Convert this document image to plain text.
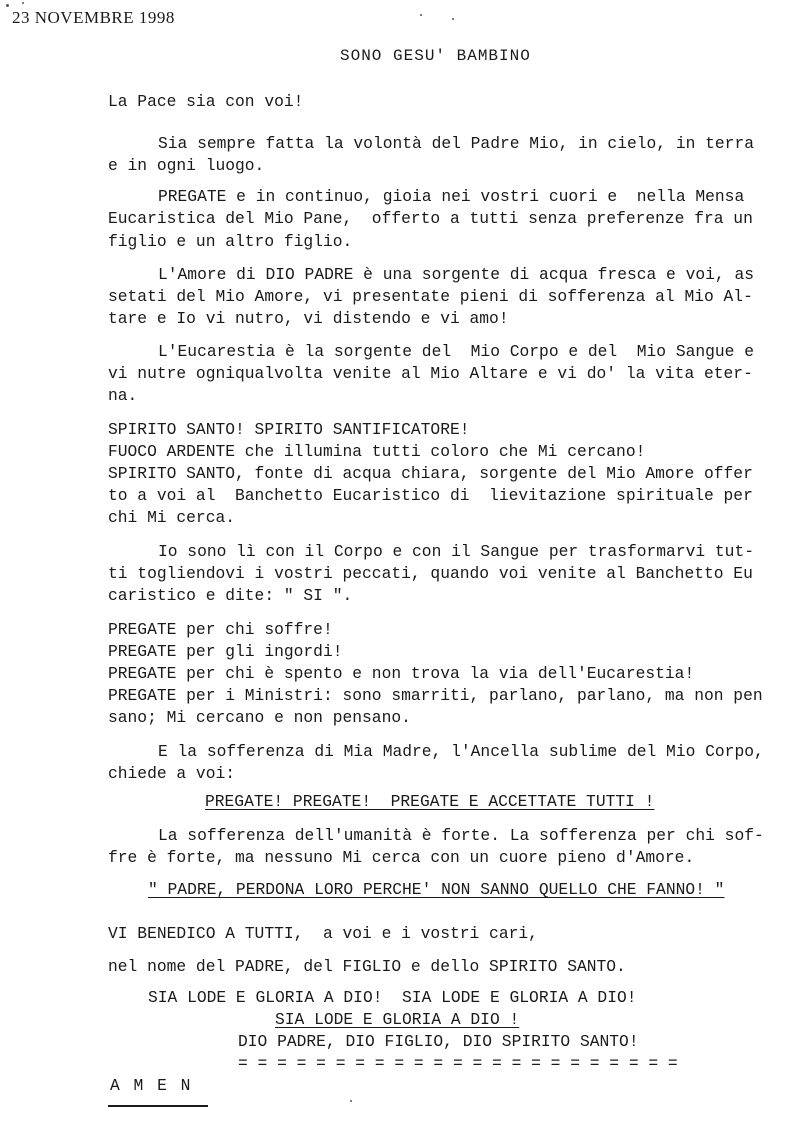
23 NOVEMBRE 1998
SONO GESU' BAMBINO
La Pace sia con voi!
Sia sempre fatta la volontà del Padre Mio, in cielo, in terra
e in ogni luogo.
PREGATE e in continuo, gioia nei vostri cuori e  nella Mensa
Eucaristica del Mio Pane,  offerto a tutti senza preferenze fra un
figlio e un altro figlio.
L'Amore di DIO PADRE è una sorgente di acqua fresca e voi, as
setati del Mio Amore, vi presentate pieni di sofferenza al Mio Al-
tare e Io vi nutro, vi distendo e vi amo!
L'Eucarestia è la sorgente del  Mio Corpo e del  Mio Sangue e
vi nutre ogniqualvolta venite al Mio Altare e vi do' la vita eter-
na.
SPIRITO SANTO! SPIRITO SANTIFICATORE!
FUOCO ARDENTE che illumina tutti coloro che Mi cercano!
SPIRITO SANTO, fonte di acqua chiara, sorgente del Mio Amore offer
to a voi al  Banchetto Eucaristico di  lievitazione spirituale per
chi Mi cerca.
Io sono lì con il Corpo e con il Sangue per trasformarvi tut-
ti togliendovi i vostri peccati, quando voi venite al Banchetto Eu
caristico e dite: " SI ".
PREGATE per chi soffre!
PREGATE per gli ingordi!
PREGATE per chi è spento e non trova la via dell'Eucarestia!
PREGATE per i Ministri: sono smarriti, parlano, parlano, ma non pen
sano; Mi cercano e non pensano.
E la sofferenza di Mia Madre, l'Ancella sublime del Mio Corpo,
chiede a voi:
PREGATE! PREGATE!  PREGATE E ACCETTATE TUTTI !
La sofferenza dell'umanità è forte. La sofferenza per chi sof-
fre è forte, ma nessuno Mi cerca con un cuore pieno d'Amore.
" PADRE, PERDONA LORO PERCHE' NON SANNO QUELLO CHE FANNO! "
VI BENEDICO A TUTTI,  a voi e i vostri cari,
nel nome del PADRE, del FIGLIO e dello SPIRITO SANTO.
SIA LODE E GLORIA A DIO!  SIA LODE E GLORIA A DIO!
SIA LODE E GLORIA A DIO !
DIO PADRE, DIO FIGLIO, DIO SPIRITO SANTO!
= = = = = = = = = = = = = = = = = = = = = = =
A M E N
